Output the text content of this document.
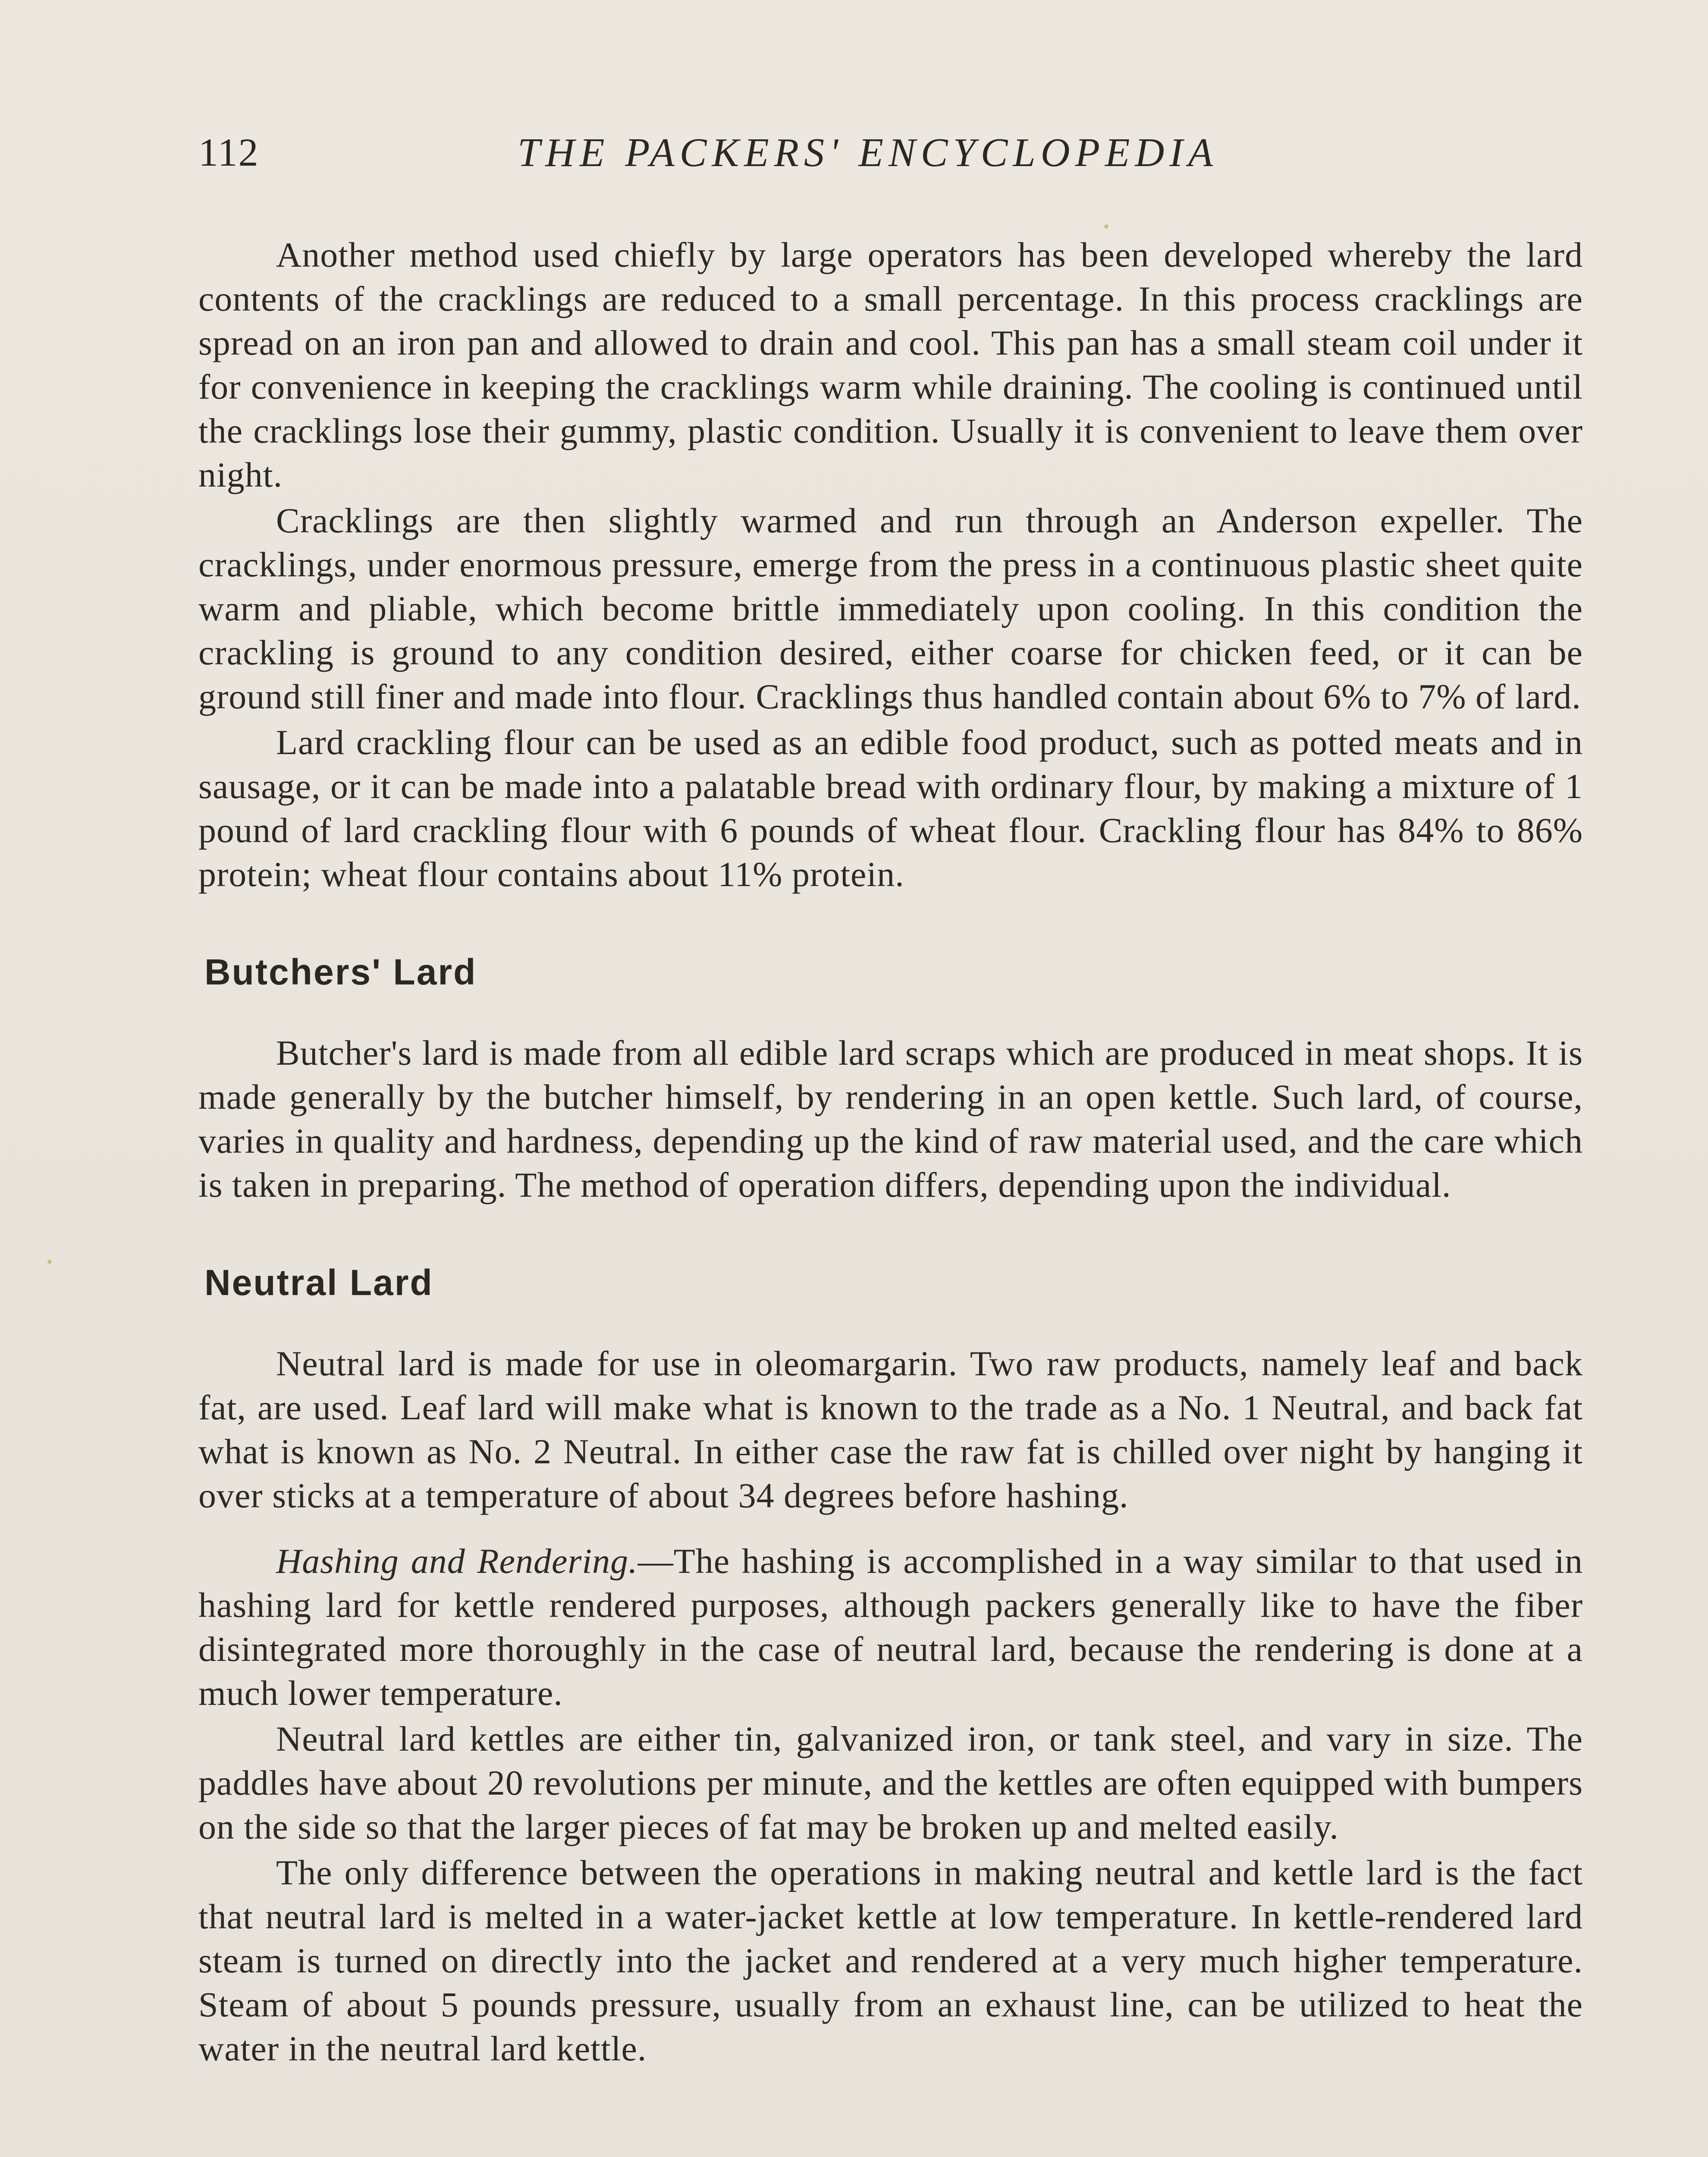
112	THE PACKERS' ENCYCLOPEDIA

Another method used chiefly by large operators has been developed whereby the lard contents of the cracklings are reduced to a small percentage. In this process cracklings are spread on an iron pan and allowed to drain and cool. This pan has a small steam coil under it for convenience in keeping the cracklings warm while draining. The cooling is continued until the cracklings lose their gummy, plastic condition. Usually it is convenient to leave them over night.

Cracklings are then slightly warmed and run through an Anderson expeller. The cracklings, under enormous pressure, emerge from the press in a continuous plastic sheet quite warm and pliable, which become brittle immediately upon cooling. In this condition the crackling is ground to any condition desired, either coarse for chicken feed, or it can be ground still finer and made into flour. Cracklings thus handled contain about 6% to 7% of lard.

Lard crackling flour can be used as an edible food product, such as potted meats and in sausage, or it can be made into a palatable bread with ordinary flour, by making a mixture of 1 pound of lard crackling flour with 6 pounds of wheat flour. Crackling flour has 84% to 86% protein; wheat flour contains about 11% protein.

Butchers' Lard

Butcher's lard is made from all edible lard scraps which are produced in meat shops. It is made generally by the butcher himself, by rendering in an open kettle. Such lard, of course, varies in quality and hardness, depending up the kind of raw material used, and the care which is taken in preparing. The method of operation differs, depending upon the individual.

Neutral Lard

Neutral lard is made for use in oleomargarin. Two raw products, namely leaf and back fat, are used. Leaf lard will make what is known to the trade as a No. 1 Neutral, and back fat what is known as No. 2 Neutral. In either case the raw fat is chilled over night by hanging it over sticks at a temperature of about 34 degrees before hashing.

Hashing and Rendering.—The hashing is accomplished in a way similar to that used in hashing lard for kettle rendered purposes, although packers generally like to have the fiber disintegrated more thoroughly in the case of neutral lard, because the rendering is done at a much lower temperature.

Neutral lard kettles are either tin, galvanized iron, or tank steel, and vary in size. The paddles have about 20 revolutions per minute, and the kettles are often equipped with bumpers on the side so that the larger pieces of fat may be broken up and melted easily.

The only difference between the operations in making neutral and kettle lard is the fact that neutral lard is melted in a water-jacket kettle at low temperature. In kettle-rendered lard steam is turned on directly into the jacket and rendered at a very much higher temperature. Steam of about 5 pounds pressure, usually from an exhaust line, can be utilized to heat the water in the neutral lard kettle.
